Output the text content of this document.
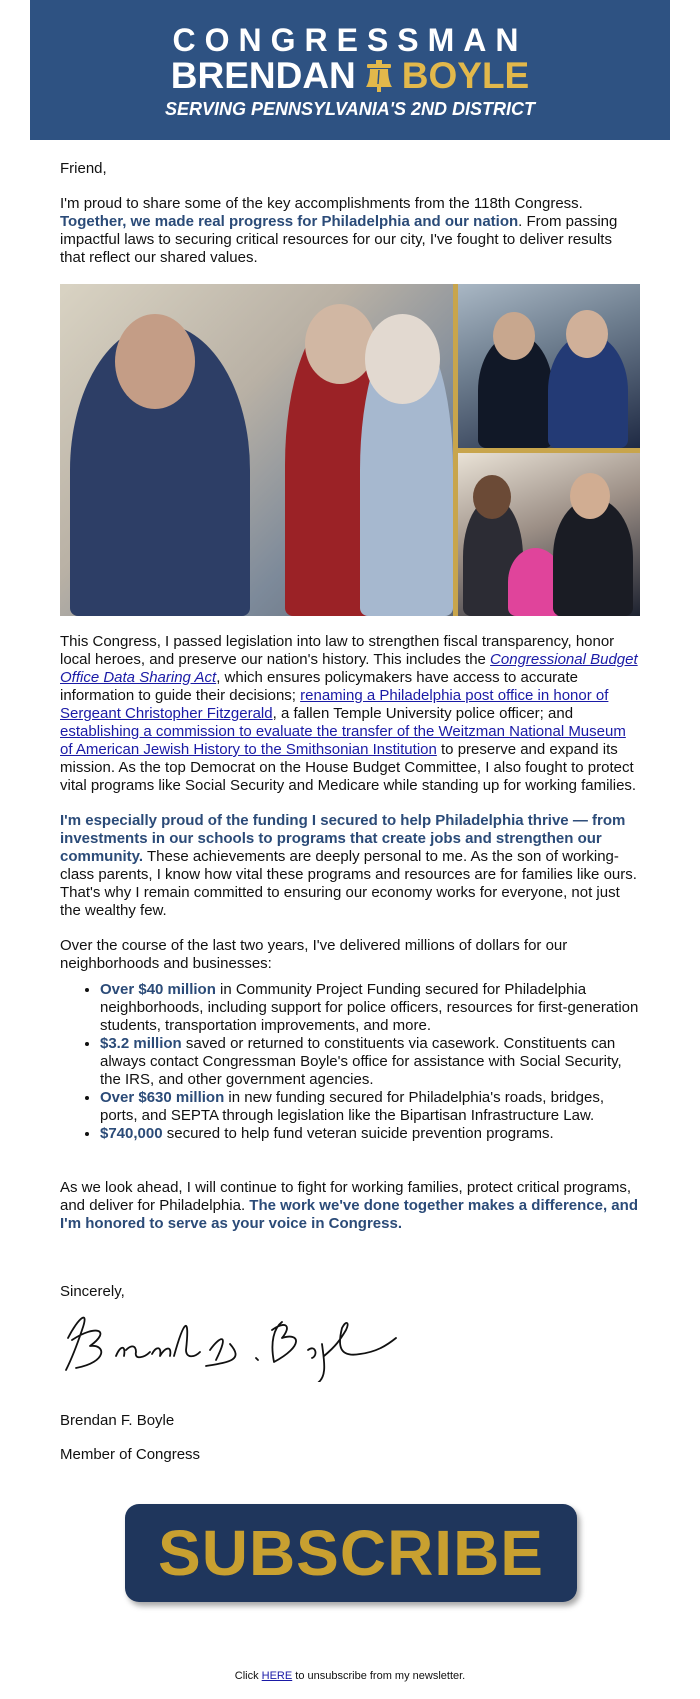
CONGRESSMAN
BRENDAN BOYLE
SERVING PENNSYLVANIA'S 2ND DISTRICT

Friend,

I'm proud to share some of the key accomplishments from the 118th Congress. Together, we made real progress for Philadelphia and our nation. From passing impactful laws to securing critical resources for our city, I've fought to deliver results that reflect our shared values.

This Congress, I passed legislation into law to strengthen fiscal transparency, honor local heroes, and preserve our nation's history. This includes the Congressional Budget Office Data Sharing Act, which ensures policymakers have access to accurate information to guide their decisions; renaming a Philadelphia post office in honor of Sergeant Christopher Fitzgerald, a fallen Temple University police officer; and establishing a commission to evaluate the transfer of the Weitzman National Museum of American Jewish History to the Smithsonian Institution to preserve and expand its mission. As the top Democrat on the House Budget Committee, I also fought to protect vital programs like Social Security and Medicare while standing up for working families.

I'm especially proud of the funding I secured to help Philadelphia thrive — from investments in our schools to programs that create jobs and strengthen our community. These achievements are deeply personal to me. As the son of working-class parents, I know how vital these programs and resources are for families like ours. That's why I remain committed to ensuring our economy works for everyone, not just the wealthy few.

Over the course of the last two years, I've delivered millions of dollars for our neighborhoods and businesses:

• Over $40 million in Community Project Funding secured for Philadelphia neighborhoods, including support for police officers, resources for first-generation students, transportation improvements, and more.
• $3.2 million saved or returned to constituents via casework. Constituents can always contact Congressman Boyle's office for assistance with Social Security, the IRS, and other government agencies.
• Over $630 million in new funding secured for Philadelphia's roads, bridges, ports, and SEPTA through legislation like the Bipartisan Infrastructure Law.
• $740,000 secured to help fund veteran suicide prevention programs.

As we look ahead, I will continue to fight for working families, protect critical programs, and deliver for Philadelphia. The work we've done together makes a difference, and I'm honored to serve as your voice in Congress.

Sincerely,

Brendan F. Boyle
Member of Congress
SUBSCRIBE
Click HERE to unsubscribe from my newsletter.
